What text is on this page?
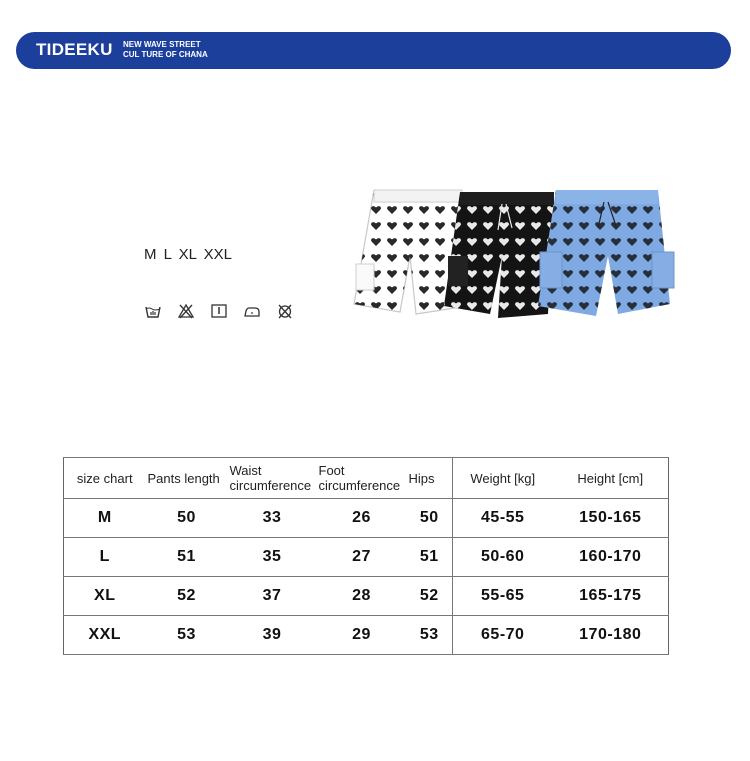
TIDEEKU NEW WAVE STREET
CUL TURE OF CHANA
M L XL XXL
size chart	Pants length	Waist circumference	Foot circumference	Hips	Weight [kg]	Height [cm]
M	50	33	26	50	45-55	150-165
L	51	35	27	51	50-60	160-170
XL	52	37	28	52	55-65	165-175
XXL	53	39	29	53	65-70	170-180
